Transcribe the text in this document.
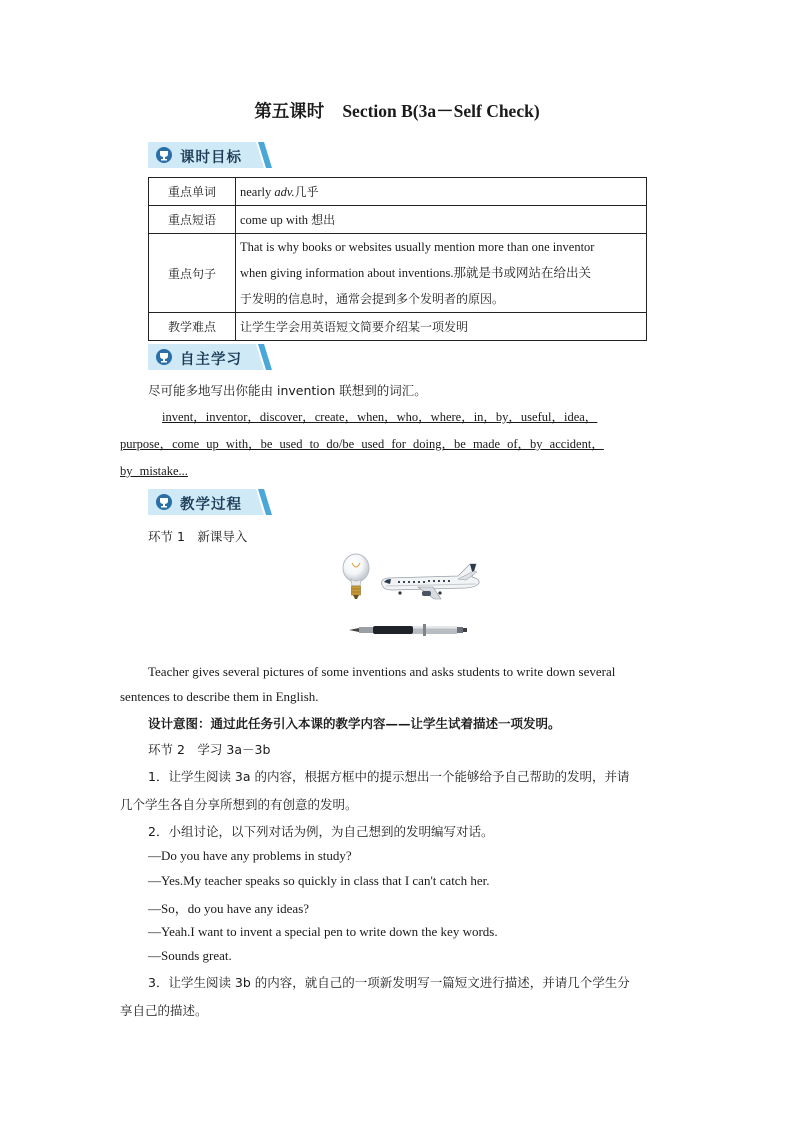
第五课时 Section B(3a－Self Check)
课时目标
重点单词	nearly adv.几乎
重点短语	come up with 想出
重点句子	That is why books or websites usually mention more than one inventor
when giving information about inventions.那就是书或网站在给出关
于发明的信息时，通常会提到多个发明者的原因。

教学难点	让学生学会用英语短文简要介绍某一项发明
自主学习
尽可能多地写出你能由 invention 联想到的词汇。
invent，inventor，discover，create，when，who，where，in，by，useful，idea，
purpose，come up with，be used to do/be used for doing，be made of，by accident，
by mistake...
教学过程
环节 1　新课导入
Teacher gives several pictures of some inventions and asks students to write down several
sentences to describe them in English.
设计意图：通过此任务引入本课的教学内容——让学生试着描述一项发明。
环节 2　学习 3a－3b
1．让学生阅读 3a 的内容，根据方框中的提示想出一个能够给予自己帮助的发明，并请
几个学生各自分享所想到的有创意的发明。
2．小组讨论，以下列对话为例，为自己想到的发明编写对话。
—Do you have any problems in study?
—Yes.My teacher speaks so quickly in class that I can't catch her.
—So，do you have any ideas?
—Yeah.I want to invent a special pen to write down the key words.
—Sounds great.
3．让学生阅读 3b 的内容，就自己的一项新发明写一篇短文进行描述，并请几个学生分
享自己的描述。
